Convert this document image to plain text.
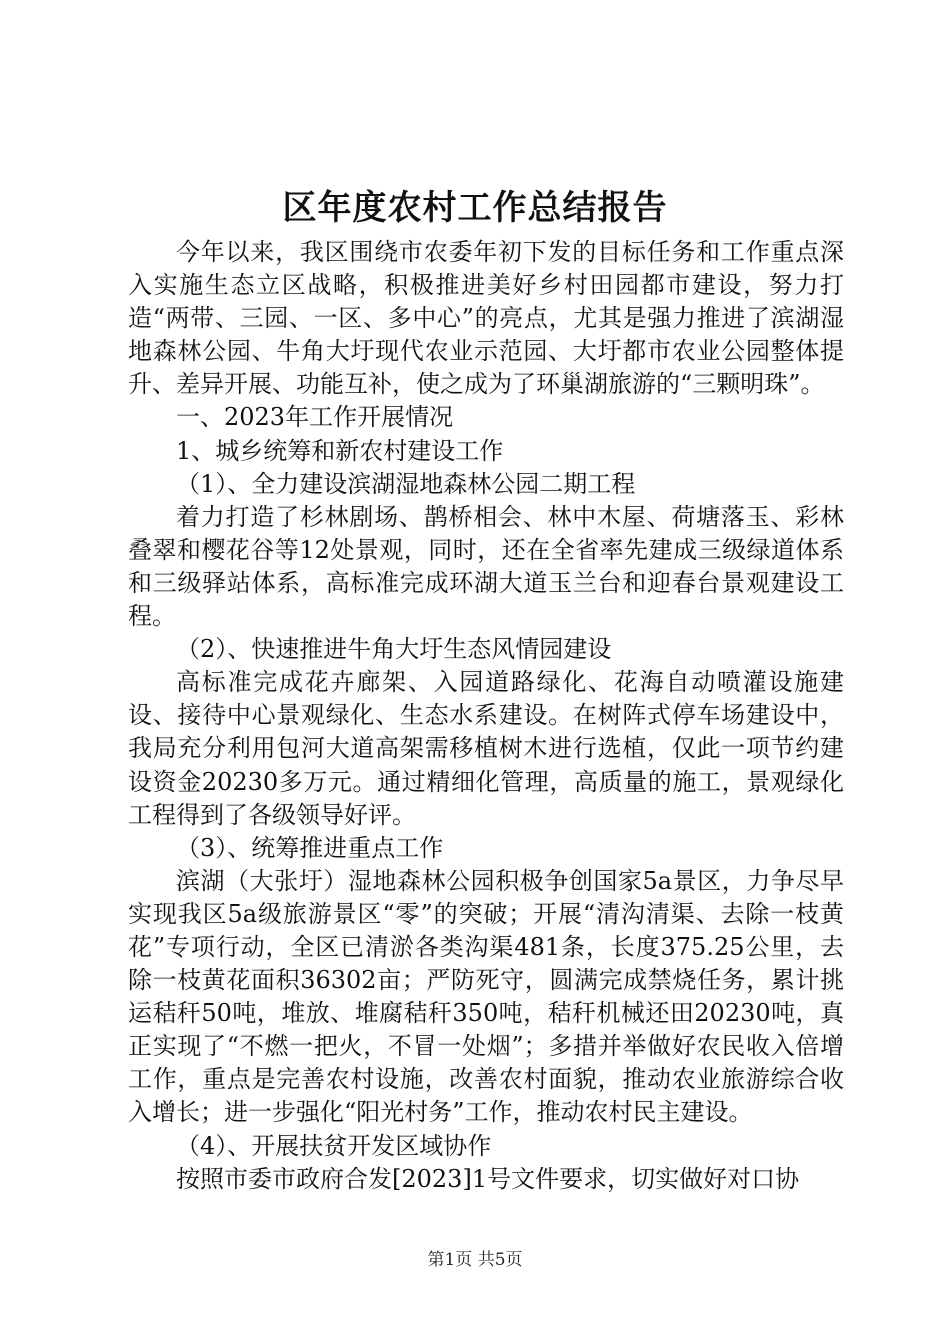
区年度农村工作总结报告

今年以来，我区围绕市农委年初下发的目标任务和工作重点深入实施生态立区战略，积极推进美好乡村田园都市建设，努力打造“两带、三园、一区、多中心”的亮点，尤其是强力推进了滨湖湿地森林公园、牛角大圩现代农业示范园、大圩都市农业公园整体提升、差异开展、功能互补，使之成为了环巢湖旅游的“三颗明珠”。

一、2023年工作开展情况

1、城乡统筹和新农村建设工作

（1）、全力建设滨湖湿地森林公园二期工程

着力打造了杉林剧场、鹊桥相会、林中木屋、荷塘落玉、彩林叠翠和樱花谷等12处景观，同时，还在全省率先建成三级绿道体系和三级驿站体系，高标准完成环湖大道玉兰台和迎春台景观建设工程。

（2）、快速推进牛角大圩生态风情园建设

高标准完成花卉廊架、入园道路绿化、花海自动喷灌设施建设、接待中心景观绿化、生态水系建设。在树阵式停车场建设中，我局充分利用包河大道高架需移植树木进行选植，仅此一项节约建设资金20230多万元。通过精细化管理，高质量的施工，景观绿化工程得到了各级领导好评。

（3）、统筹推进重点工作

滨湖（大张圩）湿地森林公园积极争创国家5a景区，力争尽早实现我区5a级旅游景区“零”的突破；开展“清沟清渠、去除一枝黄花”专项行动，全区已清淤各类沟渠481条，长度375.25公里，去除一枝黄花面积36302亩；严防死守，圆满完成禁烧任务，累计挑运秸秆50吨，堆放、堆腐秸秆350吨，秸秆机械还田20230吨，真正实现了“不燃一把火，不冒一处烟”；多措并举做好农民收入倍增工作，重点是完善农村设施，改善农村面貌，推动农业旅游综合收入增长；进一步强化“阳光村务”工作，推动农村民主建设。

（4）、开展扶贫开发区域协作

按照市委市政府合发[2023]1号文件要求，切实做好对口协

第1页 共5页
